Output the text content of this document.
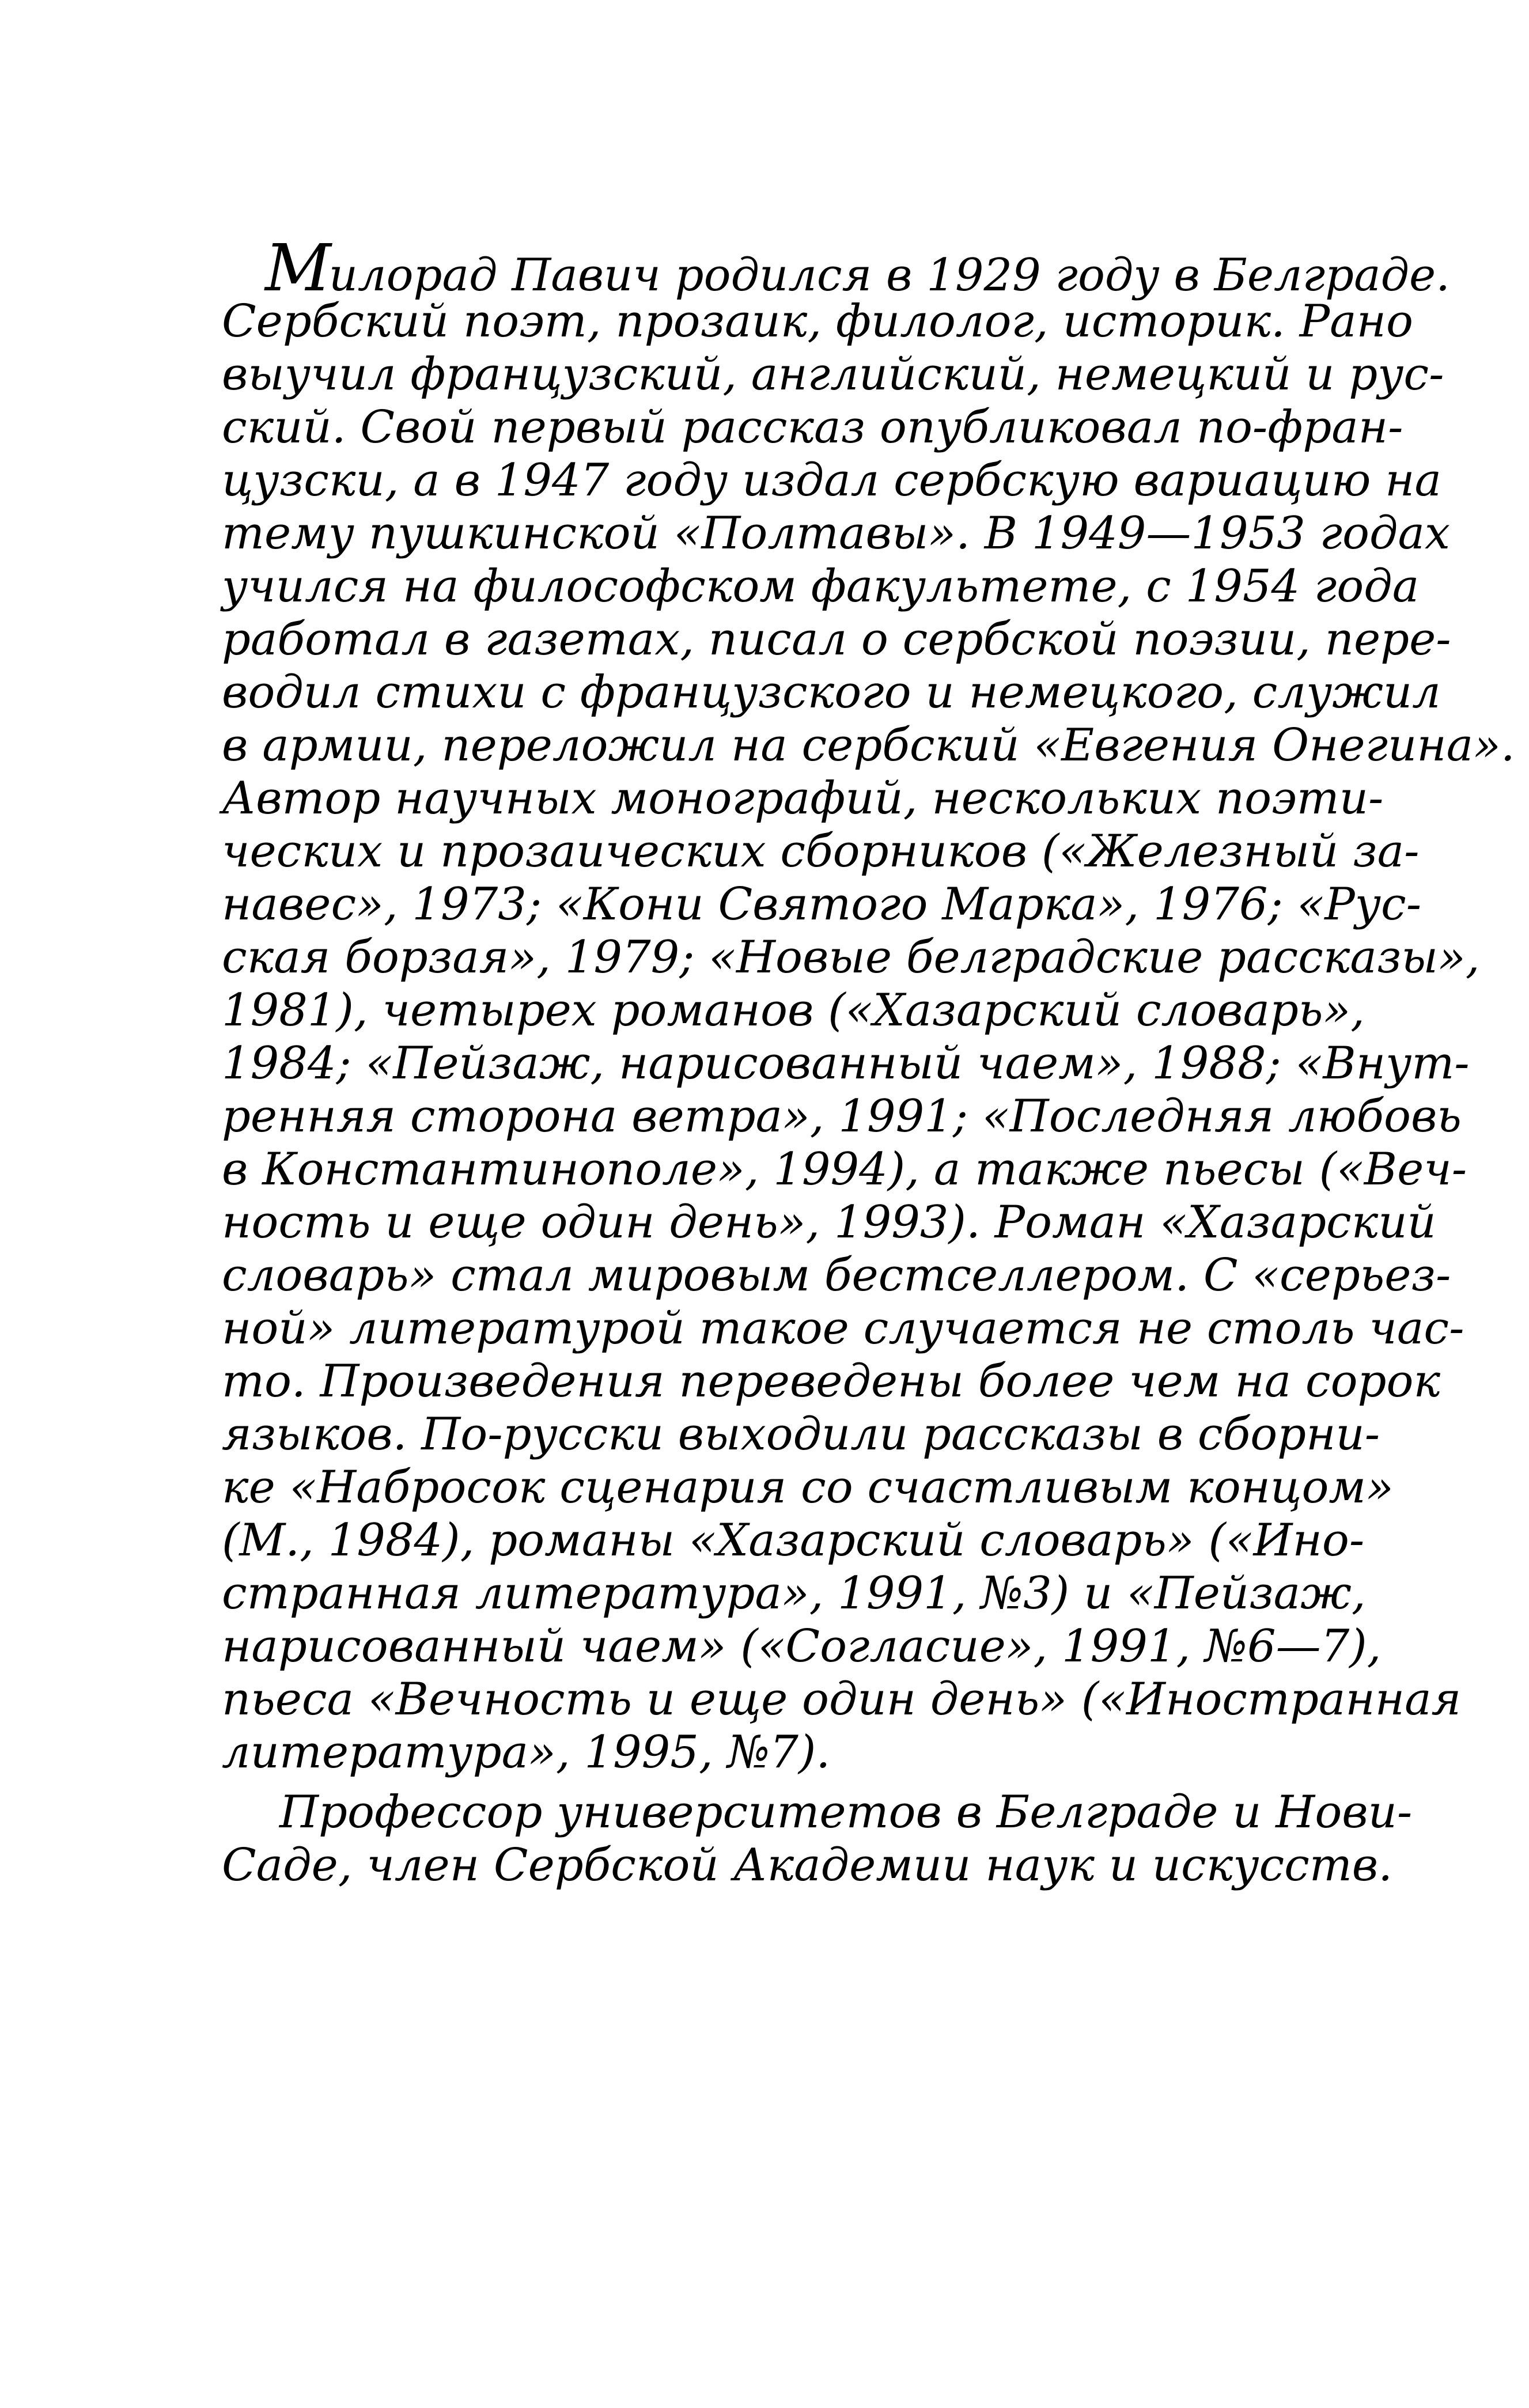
Милорад Павич родился в 1929 году в Белграде.
Сербский поэт, прозаик, филолог, историк. Рано
выучил французский, английский, немецкий и рус-
ский. Свой первый рассказ опубликовал по-фран-
цузски, а в 1947 году издал сербскую вариацию на
тему пушкинской «Полтавы». В 1949—1953 годах
учился на философском факультете, с 1954 года
работал в газетах, писал о сербской поэзии, пере-
водил стихи с французского и немецкого, служил
в армии, переложил на сербский «Евгения Онегина».
Автор научных монографий, нескольких поэти-
ческих и прозаических сборников («Железный за-
навес», 1973; «Кони Святого Марка», 1976; «Рус-
ская борзая», 1979; «Новые белградские рассказы»,
1981), четырех романов («Хазарский словарь»,
1984; «Пейзаж, нарисованный чаем», 1988; «Внут-
ренняя сторона ветра», 1991; «Последняя любовь
в Константинополе», 1994), а также пьесы («Веч-
ность и еще один день», 1993). Роман «Хазарский
словарь» стал мировым бестселлером. С «серьез-
ной» литературой такое случается не столь час-
то. Произведения переведены более чем на сорок
языков. По-русски выходили рассказы в сборни-
ке «Набросок сценария со счастливым концом»
(М., 1984), романы «Хазарский словарь» («Ино-
странная литература», 1991, №3) и «Пейзаж,
нарисованный чаем» («Согласие», 1991, №6—7),
пьеса «Вечность и еще один день» («Иностранная
литература», 1995, №7).
Профессор университетов в Белграде и Нови-
Саде, член Сербской Академии наук и искусств.
